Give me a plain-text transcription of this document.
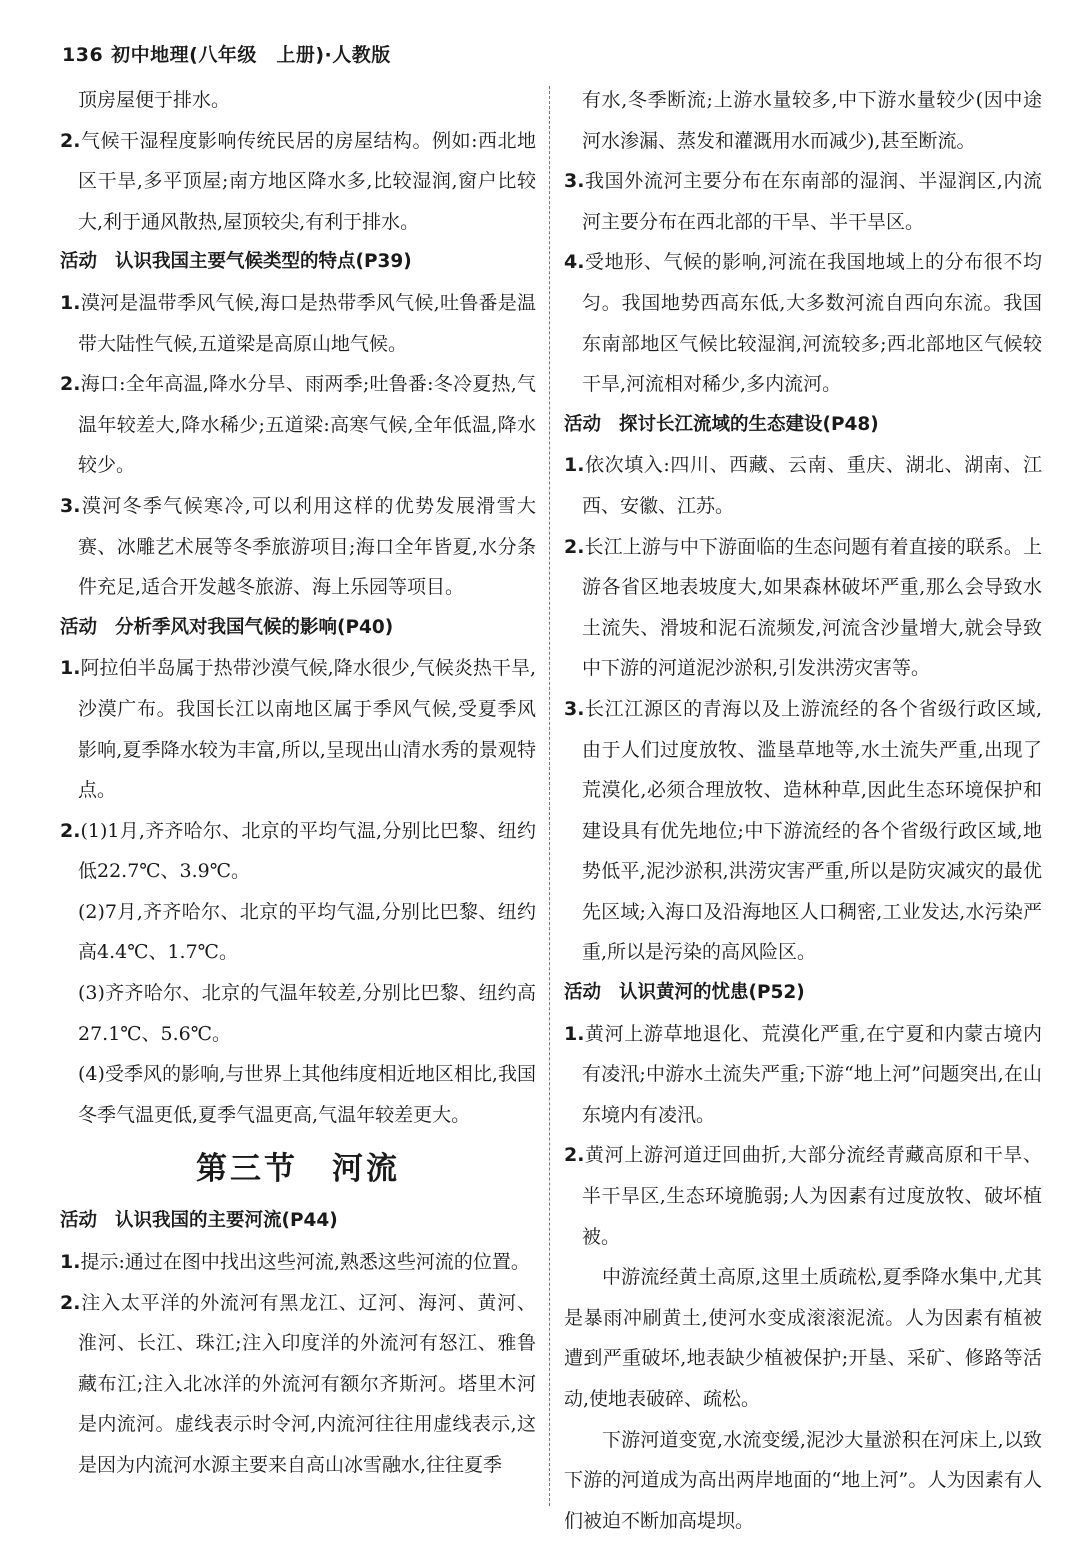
136 初中地理(八年级　上册)·人教版

顶房屋便于排水。

2.气候干湿程度影响传统民居的房屋结构。例如:西北地区干旱,多平顶屋;南方地区降水多,比较湿润,窗户比较大,利于通风散热,屋顶较尖,有利于排水。

活动 认识我国主要气候类型的特点(P39)

1.漠河是温带季风气候,海口是热带季风气候,吐鲁番是温带大陆性气候,五道梁是高原山地气候。

2.海口:全年高温,降水分旱、雨两季;吐鲁番:冬冷夏热,气温年较差大,降水稀少;五道梁:高寒气候,全年低温,降水较少。

3.漠河冬季气候寒冷,可以利用这样的优势发展滑雪大赛、冰雕艺术展等冬季旅游项目;海口全年皆夏,水分条件充足,适合开发越冬旅游、海上乐园等项目。

活动 分析季风对我国气候的影响(P40)

1.阿拉伯半岛属于热带沙漠气候,降水很少,气候炎热干旱,沙漠广布。我国长江以南地区属于季风气候,受夏季风影响,夏季降水较为丰富,所以,呈现出山清水秀的景观特点。

2.(1)1月,齐齐哈尔、北京的平均气温,分别比巴黎、纽约低22.7℃、3.9℃。

(2)7月,齐齐哈尔、北京的平均气温,分别比巴黎、纽约高4.4℃、1.7℃。

(3)齐齐哈尔、北京的气温年较差,分别比巴黎、纽约高27.1℃、5.6℃。

(4)受季风的影响,与世界上其他纬度相近地区相比,我国冬季气温更低,夏季气温更高,气温年较差更大。

第三节　河流

活动 认识我国的主要河流(P44)

1.提示:通过在图中找出这些河流,熟悉这些河流的位置。

2.注入太平洋的外流河有黑龙江、辽河、海河、黄河、淮河、长江、珠江;注入印度洋的外流河有怒江、雅鲁藏布江;注入北冰洋的外流河有额尔齐斯河。塔里木河是内流河。虚线表示时令河,内流河往往用虚线表示,这是因为内流河水源主要来自高山冰雪融水,往往夏季

有水,冬季断流;上游水量较多,中下游水量较少(因中途河水渗漏、蒸发和灌溉用水而减少),甚至断流。

3.我国外流河主要分布在东南部的湿润、半湿润区,内流河主要分布在西北部的干旱、半干旱区。

4.受地形、气候的影响,河流在我国地域上的分布很不均匀。我国地势西高东低,大多数河流自西向东流。我国东南部地区气候比较湿润,河流较多;西北部地区气候较干旱,河流相对稀少,多内流河。

活动 探讨长江流域的生态建设(P48)

1.依次填入:四川、西藏、云南、重庆、湖北、湖南、江西、安徽、江苏。

2.长江上游与中下游面临的生态问题有着直接的联系。上游各省区地表坡度大,如果森林破坏严重,那么会导致水土流失、滑坡和泥石流频发,河流含沙量增大,就会导致中下游的河道泥沙淤积,引发洪涝灾害等。

3.长江江源区的青海以及上游流经的各个省级行政区域,由于人们过度放牧、滥垦草地等,水土流失严重,出现了荒漠化,必须合理放牧、造林种草,因此生态环境保护和建设具有优先地位;中下游流经的各个省级行政区域,地势低平,泥沙淤积,洪涝灾害严重,所以是防灾减灾的最优先区域;入海口及沿海地区人口稠密,工业发达,水污染严重,所以是污染的高风险区。

活动 认识黄河的忧患(P52)

1.黄河上游草地退化、荒漠化严重,在宁夏和内蒙古境内有凌汛;中游水土流失严重;下游“地上河”问题突出,在山东境内有凌汛。

2.黄河上游河道迂回曲折,大部分流经青藏高原和干旱、半干旱区,生态环境脆弱;人为因素有过度放牧、破坏植被。

中游流经黄土高原,这里土质疏松,夏季降水集中,尤其是暴雨冲刷黄土,使河水变成滚滚泥流。人为因素有植被遭到严重破坏,地表缺少植被保护;开垦、采矿、修路等活动,使地表破碎、疏松。

下游河道变宽,水流变缓,泥沙大量淤积在河床上,以致下游的河道成为高出两岸地面的“地上河”。人为因素有人们被迫不断加高堤坝。
